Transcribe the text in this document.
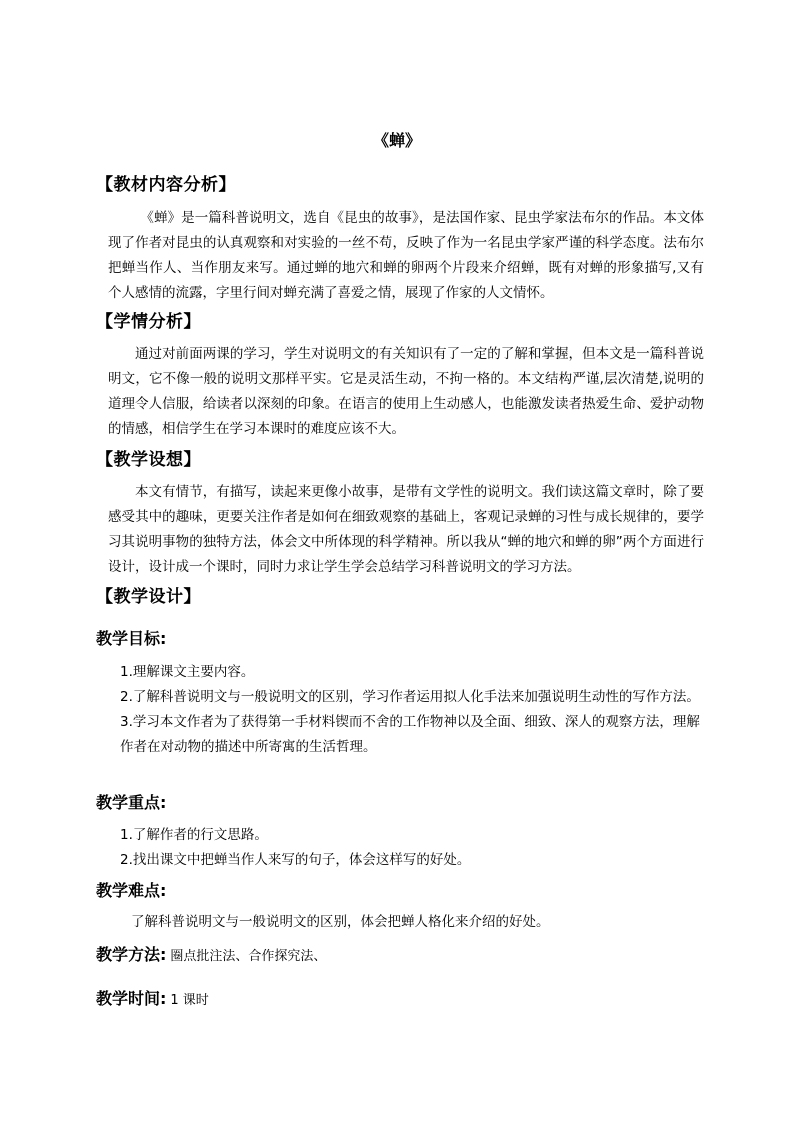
《蝉》
【教材内容分析】
《蝉》是一篇科普说明文，选自《昆虫的故事》，是法国作家、昆虫学家法布尔的作品。本文体现了作者对昆虫的认真观察和对实验的一丝不苟，反映了作为一名昆虫学家严谨的科学态度。法布尔把蝉当作人、当作朋友来写。通过蝉的地穴和蝉的卵两个片段来介绍蝉，既有对蝉的形象描写,又有个人感情的流露，字里行间对蝉充满了喜爱之情，展现了作家的人文情怀。
【学情分析】
通过对前面两课的学习，学生对说明文的有关知识有了一定的了解和掌握，但本文是一篇科普说明文，它不像一般的说明文那样平实。它是灵活生动，不拘一格的。本文结构严谨,层次清楚,说明的道理令人信服，给读者以深刻的印象。在语言的使用上生动感人，也能激发读者热爱生命、爱护动物的情感，相信学生在学习本课时的难度应该不大。
【教学设想】
本文有情节，有描写，读起来更像小故事，是带有文学性的说明文。我们读这篇文章时，除了要感受其中的趣味，更要关注作者是如何在细致观察的基础上，客观记录蝉的习性与成长规律的，要学习其说明事物的独特方法，体会文中所体现的科学精神。所以我从“蝉的地穴和蝉的卵”两个方面进行设计，设计成一个课时，同时力求让学生学会总结学习科普说明文的学习方法。
【教学设计】
教学目标:
1.理解课文主要内容。
2.了解科普说明文与一般说明文的区别，学习作者运用拟人化手法来加强说明生动性的写作方法。
3.学习本文作者为了获得第一手材料锲而不舍的工作物神以及全面、细致、深人的观察方法，理解作者在对动物的描述中所寄寓的生活哲理。
教学重点:
1.了解作者的行文思路。
2.找出课文中把蝉当作人来写的句子，体会这样写的好处。
教学难点:
了解科普说明文与一般说明文的区别，体会把蝉人格化来介绍的好处。
教学方法: 圈点批注法、合作探究法、
教学时间: 1 课时
